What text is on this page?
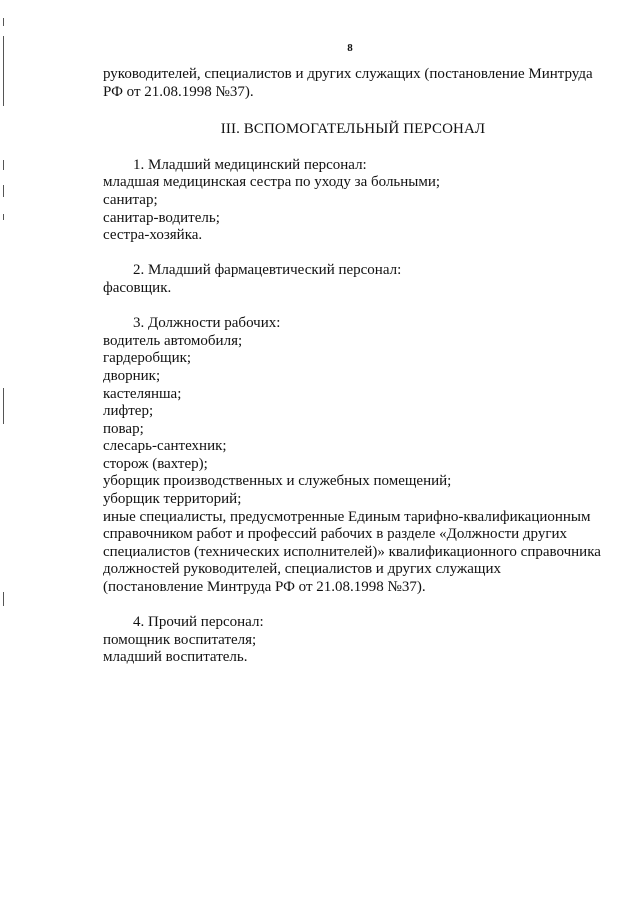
8
руководителей, специалистов и других служащих (постановление Минтруда
РФ от 21.08.1998 №37).
III. ВСПОМОГАТЕЛЬНЫЙ ПЕРСОНАЛ
1. Младший медицинский персонал:
младшая медицинская сестра по уходу за больными;
санитар;
санитар-водитель;
сестра-хозяйка.
2. Младший фармацевтический персонал:
фасовщик.
3. Должности рабочих:
водитель автомобиля;
гардеробщик;
дворник;
кастелянша;
лифтер;
повар;
слесарь-сантехник;
сторож (вахтер);
уборщик производственных и служебных помещений;
уборщик территорий;
иные специалисты, предусмотренные Единым тарифно-квалификационным
справочником работ и профессий рабочих в разделе «Должности других
специалистов (технических исполнителей)» квалификационного справочника
должностей руководителей, специалистов и других служащих
(постановление Минтруда РФ от 21.08.1998 №37).
4. Прочий персонал:
помощник воспитателя;
младший воспитатель.
